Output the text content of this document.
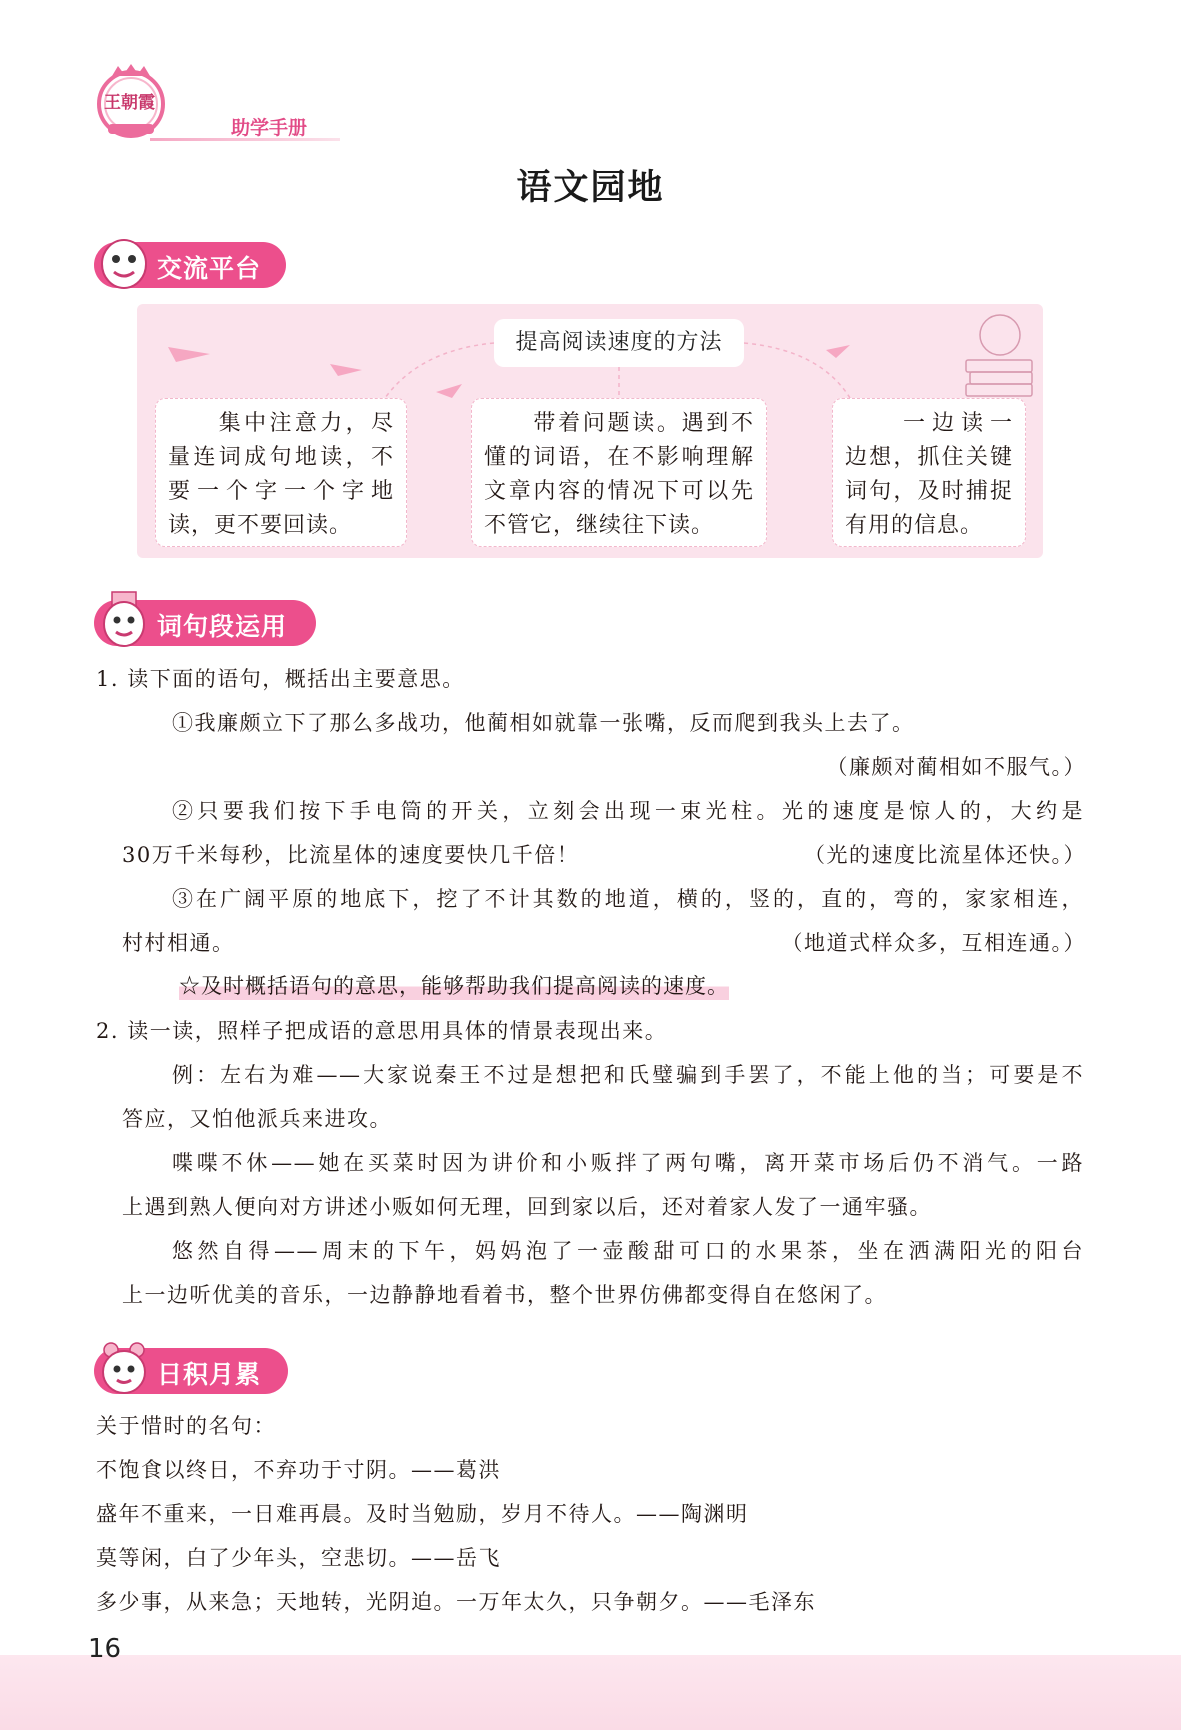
王朝霞
助学手册
语文园地
交流平台
提高阅读速度的方法
　　集中注意力，尽
量连词成句地读，不
要一个字一个字地
读，更不要回读。
　　带着问题读。遇到不
懂的词语，在不影响理解
文章内容的情况下可以先
不管它，继续往下读。
　　一边读一
边想，抓住关键
词句，及时捕捉
有用的信息。
词句段运用
1. 读下面的语句，概括出主要意思。
①我廉颇立下了那么多战功，他蔺相如就靠一张嘴，反而爬到我头上去了。
（廉颇对蔺相如不服气。）
②只要我们按下手电筒的开关，立刻会出现一束光柱。光的速度是惊人的，大约是
30万千米每秒，比流星体的速度要快几千倍！	（光的速度比流星体还快。）
③在广阔平原的地底下，挖了不计其数的地道，横的，竖的，直的，弯的，家家相连，
村村相通。	（地道式样众多，互相连通。）
☆及时概括语句的意思，能够帮助我们提高阅读的速度。
2. 读一读，照样子把成语的意思用具体的情景表现出来。
例：左右为难——大家说秦王不过是想把和氏璧骗到手罢了，不能上他的当；可要是不
答应，又怕他派兵来进攻。
喋喋不休——她在买菜时因为讲价和小贩拌了两句嘴，离开菜市场后仍不消气。一路
上遇到熟人便向对方讲述小贩如何无理，回到家以后，还对着家人发了一通牢骚。
悠然自得——周末的下午，妈妈泡了一壶酸甜可口的水果茶，坐在洒满阳光的阳台
上一边听优美的音乐，一边静静地看着书，整个世界仿佛都变得自在悠闲了。
日积月累
关于惜时的名句：
不饱食以终日，不弃功于寸阴。——葛洪
盛年不重来，一日难再晨。及时当勉励，岁月不待人。——陶渊明
莫等闲，白了少年头，空悲切。——岳飞
多少事，从来急；天地转，光阴迫。一万年太久，只争朝夕。——毛泽东
16
